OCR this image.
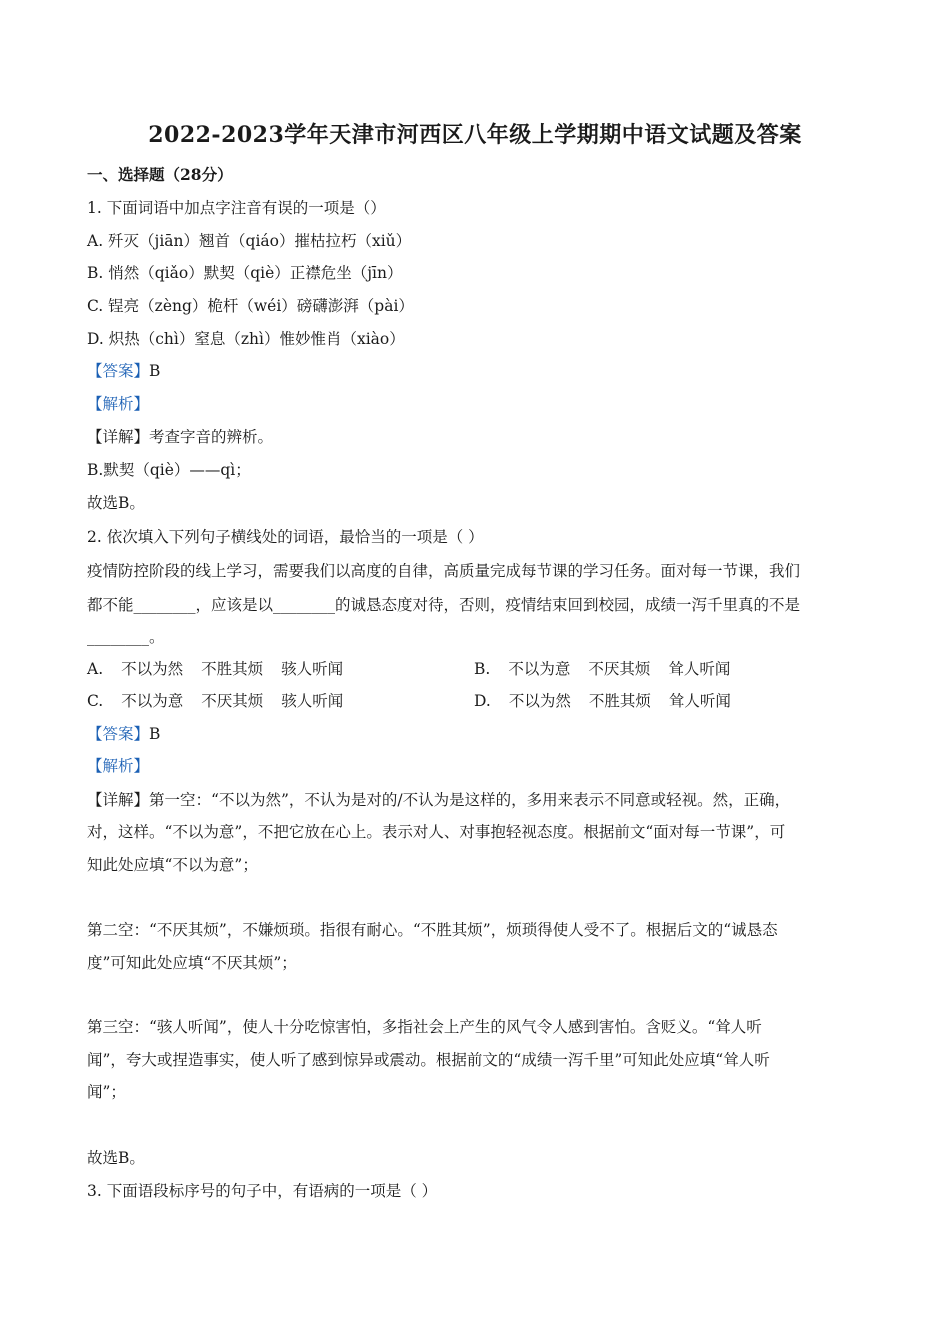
2022-2023学年天津市河西区八年级上学期期中语文试题及答案
一、选择题（28分）
1. 下面词语中加点字注音有误的一项是（）
A. 歼灭（jiān）翘首（qiáo）摧枯拉朽（xiǔ）
B. 悄然（qiǎo）默契（qiè）正襟危坐（jīn）
C. 锃亮（zèng）桅杆（wéi）磅礴澎湃（pài）
D. 炽热（chì）窒息（zhì）惟妙惟肖（xiào）
【答案】B
【解析】
【详解】考查字音的辨析。
B.默契（qiè）——qì；
故选B。
2. 依次填入下列句子横线处的词语，最恰当的一项是（ ）
疫情防控阶段的线上学习，需要我们以高度的自律，高质量完成每节课的学习任务。面对每一节课，我们
都不能________，应该是以________的诚恳态度对待，否则，疫情结束回到校园，成绩一泻千里真的不是
________。
A. 不以为然 不胜其烦 骇人听闻	B. 不以为意 不厌其烦 耸人听闻
C. 不以为意 不厌其烦 骇人听闻	D. 不以为然 不胜其烦 耸人听闻
【答案】B
【解析】
【详解】第一空：“不以为然”，不认为是对的/不认为是这样的，多用来表示不同意或轻视。然，正确，
对，这样。“不以为意”，不把它放在心上。表示对人、对事抱轻视态度。根据前文“面对每一节课”，可
知此处应填“不以为意”；
第二空：“不厌其烦”，不嫌烦琐。指很有耐心。“不胜其烦”，烦琐得使人受不了。根据后文的“诚恳态
度”可知此处应填“不厌其烦”；
第三空：“骇人听闻”，使人十分吃惊害怕，多指社会上产生的风气令人感到害怕。含贬义。“耸人听
闻”，夸大或捏造事实，使人听了感到惊异或震动。根据前文的“成绩一泻千里”可知此处应填“耸人听
闻”；
故选B。
3. 下面语段标序号的句子中，有语病的一项是（ ）
